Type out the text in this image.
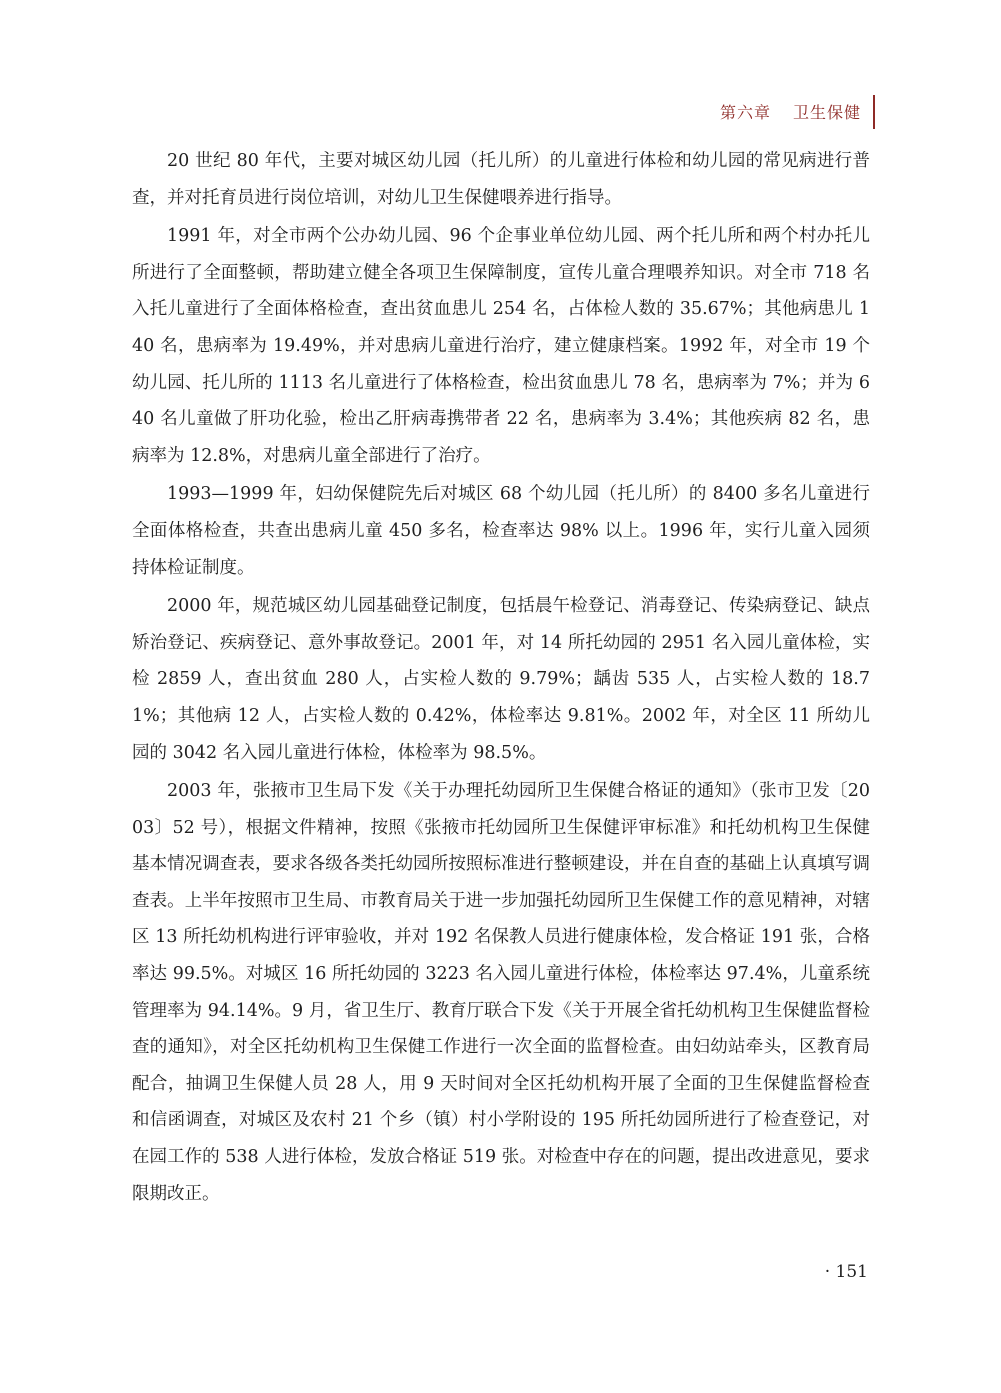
第六章 卫生保健

20 世纪 80 年代，主要对城区幼儿园（托儿所）的儿童进行体检和幼儿园的常见病进行普查，并对托育员进行岗位培训，对幼儿卫生保健喂养进行指导。

1991 年，对全市两个公办幼儿园、96 个企事业单位幼儿园、两个托儿所和两个村办托儿所进行了全面整顿，帮助建立健全各项卫生保障制度，宣传儿童合理喂养知识。对全市 718 名入托儿童进行了全面体格检查，查出贫血患儿 254 名，占体检人数的 35.67%；其他病患儿 140 名，患病率为 19.49%，并对患病儿童进行治疗，建立健康档案。1992 年，对全市 19 个幼儿园、托儿所的 1113 名儿童进行了体格检查，检出贫血患儿 78 名，患病率为 7%；并为 640 名儿童做了肝功化验，检出乙肝病毒携带者 22 名，患病率为 3.4%；其他疾病 82 名，患病率为 12.8%，对患病儿童全部进行了治疗。

1993—1999 年，妇幼保健院先后对城区 68 个幼儿园（托儿所）的 8400 多名儿童进行全面体格检查，共查出患病儿童 450 多名，检查率达 98% 以上。1996 年，实行儿童入园须持体检证制度。

2000 年，规范城区幼儿园基础登记制度，包括晨午检登记、消毒登记、传染病登记、缺点矫治登记、疾病登记、意外事故登记。2001 年，对 14 所托幼园的 2951 名入园儿童体检，实检 2859 人，查出贫血 280 人，占实检人数的 9.79%；龋齿 535 人，占实检人数的 18.71%；其他病 12 人，占实检人数的 0.42%，体检率达 9.81%。2002 年，对全区 11 所幼儿园的 3042 名入园儿童进行体检，体检率为 98.5%。

2003 年，张掖市卫生局下发《关于办理托幼园所卫生保健合格证的通知》（张市卫发〔2003〕52 号），根据文件精神，按照《张掖市托幼园所卫生保健评审标准》和托幼机构卫生保健基本情况调查表，要求各级各类托幼园所按照标准进行整顿建设，并在自查的基础上认真填写调查表。上半年按照市卫生局、市教育局关于进一步加强托幼园所卫生保健工作的意见精神，对辖区 13 所托幼机构进行评审验收，并对 192 名保教人员进行健康体检，发合格证 191 张，合格率达 99.5%。对城区 16 所托幼园的 3223 名入园儿童进行体检，体检率达 97.4%，儿童系统管理率为 94.14%。9 月，省卫生厅、教育厅联合下发《关于开展全省托幼机构卫生保健监督检查的通知》，对全区托幼机构卫生保健工作进行一次全面的监督检查。由妇幼站牵头，区教育局配合，抽调卫生保健人员 28 人，用 9 天时间对全区托幼机构开展了全面的卫生保健监督检查和信函调查，对城区及农村 21 个乡（镇）村小学附设的 195 所托幼园所进行了检查登记，对在园工作的 538 人进行体检，发放合格证 519 张。对检查中存在的问题，提出改进意见，要求限期改正。

· 151
